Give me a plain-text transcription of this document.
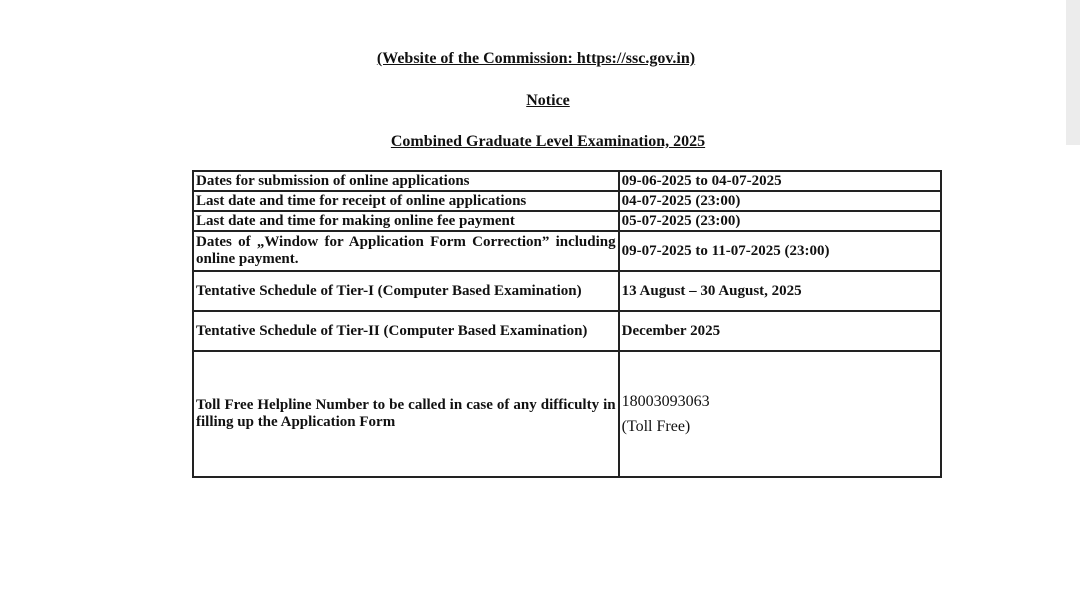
(Website of the Commission: https://ssc.gov.in)
Notice
Combined Graduate Level Examination, 2025
Dates for submission of online applications	09-06-2025 to 04-07-2025
Last date and time for receipt of online applications	04-07-2025 (23:00)
Last date and time for making online fee payment	05-07-2025 (23:00)
Dates of „Window for Application Form Correction” including online payment.	09-07-2025 to 11-07-2025 (23:00)
Tentative Schedule of Tier-I (Computer Based Examination)	13 August – 30 August, 2025
Tentative Schedule of Tier-II (Computer Based Examination)	December 2025
Toll Free Helpline Number to be called in case of any difficulty in filling up the Application Form	18003093063
(Toll Free)
